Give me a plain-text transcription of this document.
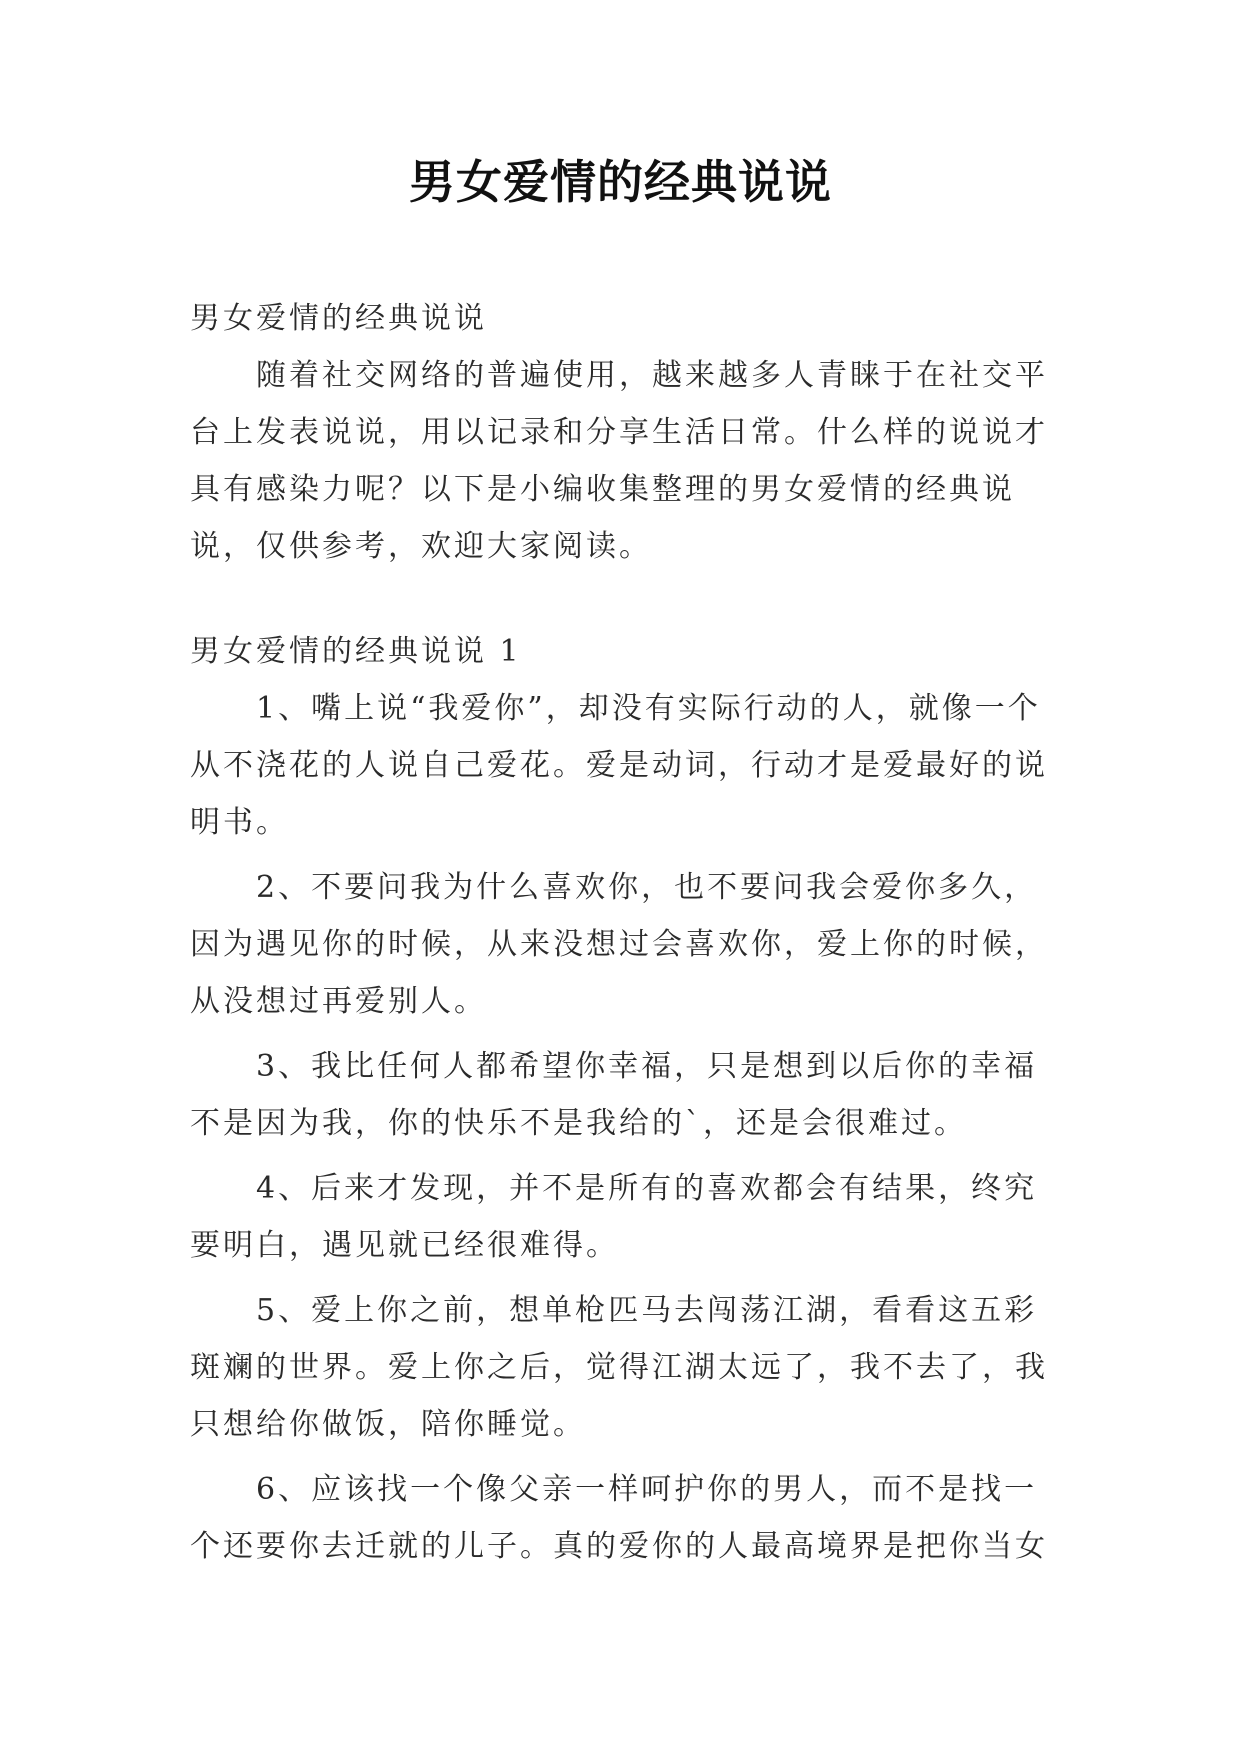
男女爱情的经典说说

男女爱情的经典说说

随着社交网络的普遍使用，越来越多人青睐于在社交平台上发表说说，用以记录和分享生活日常。什么样的说说才具有感染力呢？以下是小编收集整理的男女爱情的经典说说，仅供参考，欢迎大家阅读。

男女爱情的经典说说 1

1、嘴上说“我爱你”，却没有实际行动的人，就像一个从不浇花的人说自己爱花。爱是动词，行动才是爱最好的说明书。

2、不要问我为什么喜欢你，也不要问我会爱你多久，因为遇见你的时候，从来没想过会喜欢你，爱上你的时候，从没想过再爱别人。

3、我比任何人都希望你幸福，只是想到以后你的幸福不是因为我，你的快乐不是我给的`，还是会很难过。

4、后来才发现，并不是所有的喜欢都会有结果，终究要明白，遇见就已经很难得。

5、爱上你之前，想单枪匹马去闯荡江湖，看看这五彩斑斓的世界。爱上你之后，觉得江湖太远了，我不去了，我只想给你做饭，陪你睡觉。

6、应该找一个像父亲一样呵护你的男人，而不是找一个还要你去迁就的儿子。真的爱你的人最高境界是把你当女
